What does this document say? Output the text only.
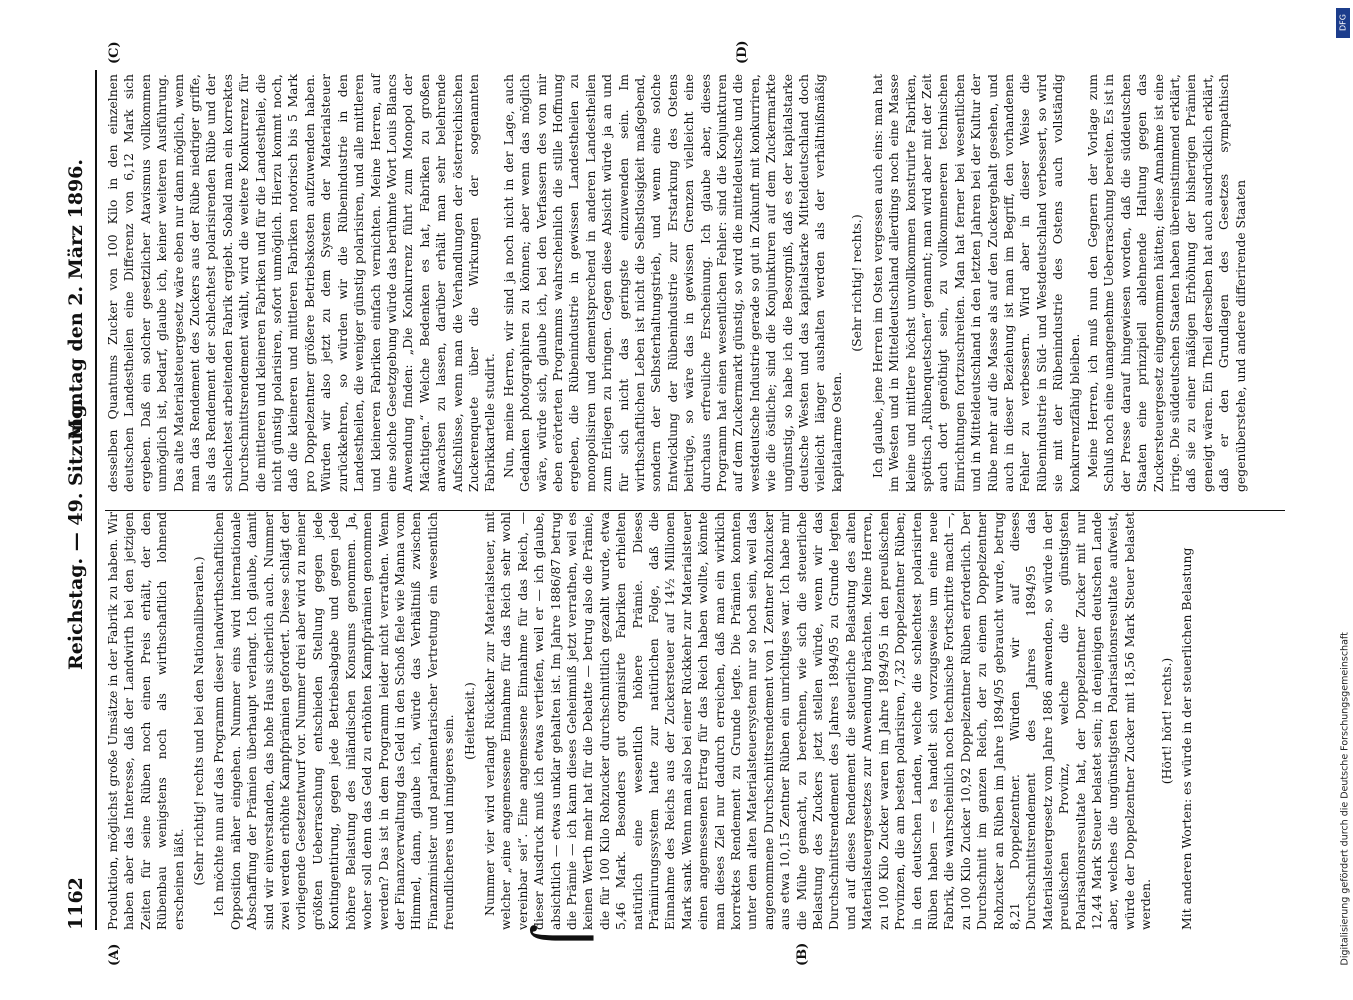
1162
Reichstag. — 49. Sitzung.
Montag den 2. März 1896.
(A)	(B)
(C)	(D)
⌠

Produktion, möglichst große Umsätze in der Fabrik zu haben. Wir haben aber das Interesse, daß der Landwirth bei den jetzigen Zeiten für seine Rüben noch einen Preis erhält, der den Rübenbau wenigstens noch als wirthschaftlich lohnend erscheinen läßt. (Sehr richtig! rechts und bei den Nationalliberalen.) Ich möchte nun auf das Programm dieser landwirthschaftlichen Opposition näher eingehen. Nummer eins wird internationale Abschaffung der Prämien überhaupt verlangt. Ich glaube, damit sind wir einverstanden, das hohe Haus sicherlich auch. Nummer zwei werden erhöhte Kampfprämien gefordert. Diese schlägt der vorliegende Gesetzentwurf vor. Nummer drei aber wird zu meiner größten Ueberraschung entschieden Stellung gegen jede Kontingentirung, gegen jede Betriebsabgabe und gegen jede höhere Belastung des inländischen Konsums genommen. Ja, woher soll denn das Geld zu erhöhten Kampfprämien genommen werden? Das ist in dem Programm leider nicht verrathen. Wenn der Finanzverwaltung das Geld in den Schoß fiele wie Manna vom Himmel, dann, glaube ich, würde das Verhältniß zwischen Finanzminister und parlamentarischer Vertretung ein wesentlich freundlicheres und innigeres sein. (Heiterkeit.) Nummer vier wird verlangt Rückkehr zur Materialsteuer, mit welcher „eine angemessene Einnahme für das Reich sehr wohl vereinbar sei“. Eine angemessene Einnahme für das Reich, — dieser Ausdruck muß ich etwas vertiefen, weil er — ich glaube, absichtlich — etwas unklar gehalten ist. Im Jahre 1886/87 betrug die Prämie — ich kann dieses Geheimniß jetzt verrathen, weil es keinen Werth mehr hat für die Debatte — betrug also die Prämie, die für 100 Kilo Rohzucker durchschnittlich gezahlt wurde, etwa 5,46 Mark. Besonders gut organisirte Fabriken erhielten natürlich eine wesentlich höhere Prämie. Dieses Prämiirungssystem hatte zur natürlichen Folge, daß die Einnahme des Reichs aus der Zuckersteuer auf 14½ Millionen Mark sank. Wenn man also bei einer Rückkehr zur Materialsteuer einen angemessenen Ertrag für das Reich haben wollte, könnte man dieses Ziel nur dadurch erreichen, daß man ein wirklich korrektes Rendement zu Grunde legte. Die Prämien konnten unter dem alten Materialsteuersystem nur so hoch sein, weil das angenommene Durchschnittsrendement von 1 Zentner Rohzucker aus etwa 10,15 Zentner Rüben ein unrichtiges war. Ich habe mir die Mühe gemacht, zu berechnen, wie sich die steuerliche Belastung des Zuckers jetzt stellen würde, wenn wir das Durchschnittsrendement des Jahres 1894/95 zu Grunde legten und auf dieses Rendement die steuerliche Belastung des alten Materialsteuergesetzes zur Anwendung brächten. Meine Herren, zu 100 Kilo Zucker waren im Jahre 1894/95 in den preußischen Provinzen, die am besten polarisiren, 7,32 Doppelzentner Rüben; in den deutschen Landen, welche die schlechtest polarisirten Rüben haben — es handelt sich vorzugsweise um eine neue Fabrik, die wahrscheinlich noch technische Fortschritte macht —, zu 100 Kilo Zucker 10,92 Doppelzentner Rüben erforderlich. Der Durchschnitt im ganzen Reich, der zu einem Doppelzentner Rohzucker an Rüben im Jahre 1894/95 gebraucht wurde, betrug 8,21 Doppelzentner. Würden wir auf dieses Durchschnittsrendement des Jahres 1894/95 das Materialsteuergesetz vom Jahre 1886 anwenden, so würde in der preußischen Provinz, welche die günstigsten Polarisationsresultate hat, der Doppelzentner Zucker mit nur 12,44 Mark Steuer belastet sein; in denjenigen deutschen Lande aber, welches die ungünstigsten Polarisationsresultate aufweist, würde der Doppelzentner Zucker mit 18,56 Mark Steuer belastet werden.

(Hört! hört! rechts.) Mit anderen Worten: es würde in der steuerlichen Belastung

desselben Quantums Zucker von 100 Kilo in den einzelnen deutschen Landestheilen eine Differenz von 6,12 Mark sich ergeben. Daß ein solcher gesetzlicher Atavismus vollkommen unmöglich ist, bedarf, glaube ich, keiner weiteren Ausführung. Das alte Materialsteuergesetz wäre eben nur dann möglich, wenn man das Rendement des Zuckers aus der Rübe niedriger griffe, als das Rendement der schlechtest polarisirenden Rübe und der schlechtest arbeitenden Fabrik ergiebt. Sobald man ein korrektes Durchschnittsrendement wählt, wird die weitere Konkurrenz für die mittleren und kleineren Fabriken und für die Landestheile, die nicht günstig polarisiren, sofort unmöglich. Hierzu kommt noch, daß die kleineren und mittleren Fabriken notorisch bis 5 Mark pro Doppelzentner größere Betriebskosten aufzuwenden haben. Würden wir also jetzt zu dem System der Materialsteuer zurückkehren, so würden wir die Rübenindustrie in den Landestheilen, die weniger günstig polarisiren, und alle mittleren und kleineren Fabriken einfach vernichten. Meine Herren, auf eine solche Gesetzgebung würde das berühmte Wort Louis Blancs Anwendung finden: „Die Konkurrenz führt zum Monopol der Mächtigen.“ Welche Bedenken es hat, Fabriken zu großen anwachsen zu lassen, darüber erhält man sehr belehrende Aufschlüsse, wenn man die Verhandlungen der österreichischen Zuckerenquete über die Wirkungen der sogenannten Fabrikkartelle studirt. Nun, meine Herren, wir sind ja noch nicht in der Lage, auch Gedanken photographiren zu können; aber wenn das möglich wäre, würde sich, glaube ich, bei den Verfassern des von mir eben erörterten Programms wahrscheinlich die stille Hoffnung ergeben, die Rübenindustrie in gewissen Landestheilen zu monopolisiren und dementsprechend in anderen Landestheilen zum Erliegen zu bringen. Gegen diese Absicht würde ja an und für sich nicht das geringste einzuwenden sein. Im wirthschaftlichen Leben ist nicht die Selbstlosigkeit maßgebend, sondern der Selbsterhaltungstrieb, und wenn eine solche Entwicklung der Rübenindustrie zur Erstarkung des Ostens beitrüge, so wäre das in gewissen Grenzen vielleicht eine durchaus erfreuliche Erscheinung. Ich glaube aber, dieses Programm hat einen wesentlichen Fehler: sind die Konjunkturen auf dem Zuckermarkt günstig, so wird die mitteldeutsche und die westdeutsche Industrie gerade so gut in Zukunft mit konkurriren, wie die östliche; sind die Konjunkturen auf dem Zuckermarkte ungünstig, so habe ich die Besorgniß, daß es der kapitalstarke deutsche Westen und das kapitalstarke Mitteldeutschland doch vielleicht länger aushalten werden als der verhältnißmäßig kapitalarme Osten.

(Sehr richtig! rechts.) Ich glaube, jene Herren im Osten vergessen auch eins: man hat im Westen und in Mitteldeutschland allerdings noch eine Masse kleine und mittlere höchst unvollkommen konstruirte Fabriken, spöttisch „Rübenquetschen“ genannt; man wird aber mit der Zeit auch dort genöthigt sein, zu vollkommeneren technischen Einrichtungen fortzuschreiten. Man hat ferner bei wesentlichen und in Mitteldeutschland in den letzten Jahren bei der Kultur der Rübe mehr auf die Masse als auf den Zuckergehalt gesehen, und auch in dieser Beziehung ist man im Begriff, den vorhandenen Fehler zu verbessern. Wird aber in dieser Weise die Rübenindustrie in Süd- und Westdeutschland verbessert, so wird sie mit der Rübenindustrie des Ostens auch vollständig konkurrenzfähig bleiben. Meine Herren, ich muß nun den Gegnern der Vorlage zum Schluß noch eine unangenehme Ueberraschung bereiten. Es ist in der Presse darauf hingewiesen worden, daß die süddeutschen Staaten eine prinzipiell ablehnende Haltung gegen das Zuckersteuergesetz eingenommen hätten; diese Annahme ist eine irrige. Die süddeutschen Staaten haben übereinstimmend erklärt, daß sie zu einer mäßigen Erhöhung der bisherigen Prämien geneigt wären. Ein Theil derselben hat auch ausdrücklich erklärt, daß er den Grundlagen des Gesetzes sympathisch gegenüberstehe, und andere differirende Staaten

DFG
Digitalisierung gefördert durch die Deutsche Forschungsgemeinschaft
